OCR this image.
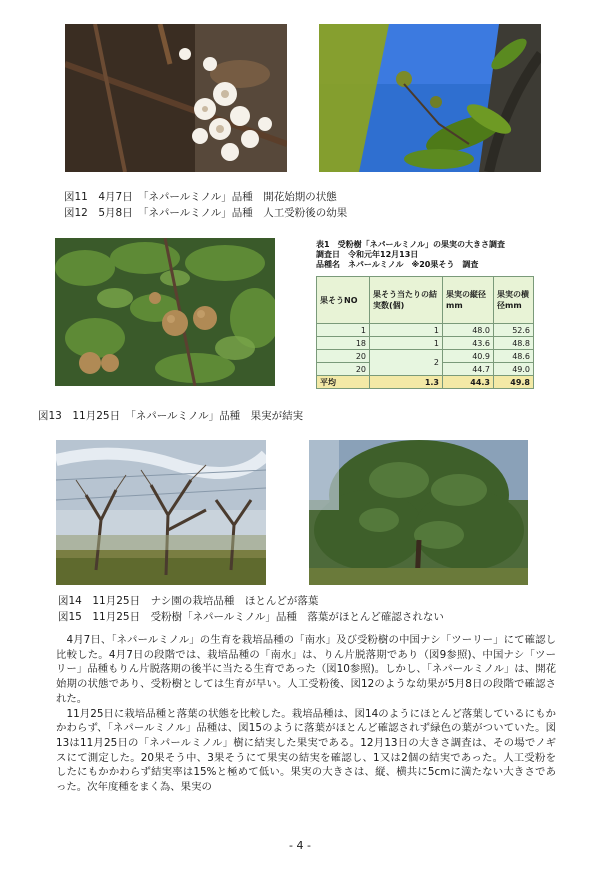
図11　4月7日　「ネパールミノル」品種　開花始期の状態
図12　5月8日　「ネパールミノル」品種　人工受粉後の幼果
表1　受粉樹「ネパールミノル」の果実の大きさ調査
調査日　令和元年12月13日
品種名　ネパールミノル　※20果そう　調査
果そうNO	果そう当たりの結実数(個)	果実の縦径mm	果実の横径mm
1	1	48.0	52.6
18	1	43.6	48.8
20	2	40.9	48.6
20		44.7	49.0
平均	1.3	44.3	49.8
図13　11月25日　「ネパールミノル」品種　果実が結実
図14　11月25日　ナシ園の栽培品種　ほとんどが落葉
図15　11月25日　受粉樹「ネパールミノル」品種　落葉がほとんど確認されない

　4月7日、「ネパールミノル」の生育を栽培品種の「南水」及び受粉樹の中国ナシ「ツーリー」にて確認し比較した。4月7日の段階では、栽培品種の「南水」は、りん片脱落期であり（図9参照)、中国ナシ「ツーリー」品種もりん片脱落期の後半に当たる生育であった（図10参照)。しかし、「ネパールミノル」は、開花始期の状態であり、受粉樹としては生育が早い。人工受粉後、図12のような幼果が5月8日の段階で確認された。

　11月25日に栽培品種と落葉の状態を比較した。栽培品種は、図14のようにほとんど落葉しているにもかかわらず、「ネパールミノル」品種は、図15のように落葉がほとんど確認されず緑色の葉がついていた。図13は11月25日の「ネパールミノル」樹に結実した果実である。12月13日の大きさ調査は、その場でノギスにて測定した。20果そう中、3果そうにて果実の結実を確認し、1又は2個の結実であった。人工受粉をしたにもかかわらず結実率は15%と極めて低い。果実の大きさは、縦、横共に5cmに満たない大きさであった。次年度種をまく為、果実の

- 4 -
